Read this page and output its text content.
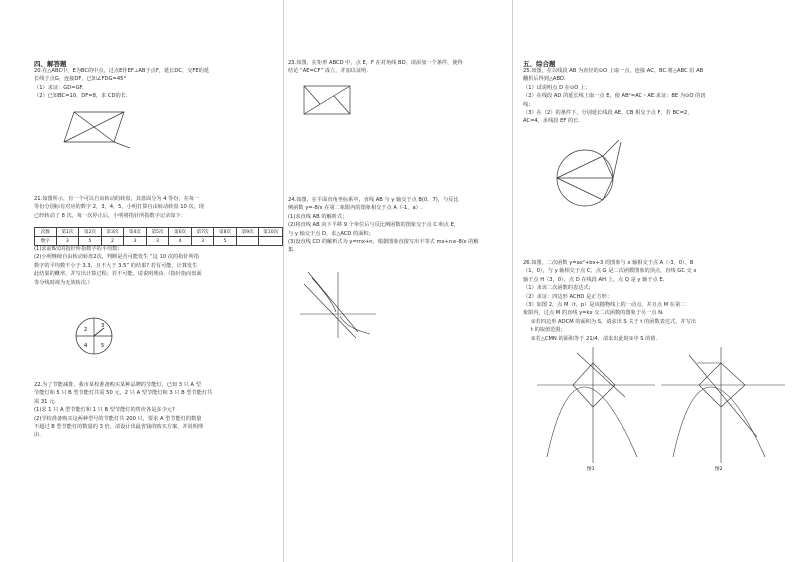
四、解答题
20.在△ABC中，E为BC的中点，过点E作EF⊥AB于点F，延长DC，交FE的延
长线于点G，连接DF，已知∠FDG=45°
（1）求证：GD=GF.
（2）已知BC=10，DF=8，求 CD的长.
21.如图所示，有一个可以自由转动的转盘，其盘面分为 4 等份，在每一
等份分别标有对应的数字 2，3，4，5，小明打算自由转动转盘 10 次，现
已经转动了 8 次，每一次停止后，小明将指针所指数字记录如下：
次数	第1次	第2次	第3次	第4次	第5次	第6次	第7次	第8次	第9次	第10次
数字	3	5	2	3	3	4	3	5		
(1)求前8次的指针所指数字的平均数；
(2)小明继续自由转动转盘2次，判断是否可能发生 “这 10 次的指针所指
数字的平均数不小于 3.3，且不大于 3.5” 的结果? 若有可能，计算发生
此结果的概率，并写出计算过程；若不可能，请说明理由.（指针指向盘面
等分线时视为无效转次.）
2
3
4	5
22.为了节能减排，我市某校准备购买某种品牌的节能灯，已知 3 只 A 型
节能灯和 5 只 B 型节能灯共需 50 元，2 只 A 型节能灯和 3 只 B 型节能灯共
需 31 元.
(1)求 1 只 A 型节能灯和 1 只 B 型节能灯的售价各是多少元?
(2)学校准备购买这两种型号的节能灯共 200 只，要求 A 型节能灯的数量
不超过 B 型节能灯的数量的 3 倍，请设计出最省钱的购买方案，并说明理
由.
23.如图，在矩形 ABCD 中，点 E，F 在对角线 BD，请添加一个条件，使得
结论 “AE=CF” 成立，并加以证明.
24.如图，在平面直角坐标系中，直线 AB 与 y 轴交于点 B(0，7)，与反比
例函数 y=-8/x 在第二象限内的图象相交于点 A（-1，a）.
(1)求直线 AB 的解析式；
(2)将直线 AB 向下平移 9 个单位后与反比例函数的图象交于点 C 和点 E，
与 y 轴交于点 D，求△ACD 的面积；
(3)设直线 CD 的解析式为 y=mx+n，根据图象直接写出不等式 mx+n≤-8/x 的解
集.
五、综合题
25.如图，在以线段 AB 为直径的⊙O 上取一点，连接 AC、BC.将△ABC 沿 AB
翻折后得到△ABD.
（1）试说明点 D 在⊙O 上；
（2）在线段 AD 的延长线上取一点 E，使 AB²=AC・AE.求证：BE 为⊙O 的切
线；
（3）在（2）的条件下，分别延长线段 AE、CB 相交于点 F，若 BC=2，
AC=4，求线段 EF 的长.
26.如图，二次函数 y=ax²+bx+3 的图象与 x 轴相交于点 A（-3，0）、B
（1，0），与 y 轴相交于点 C，点 G 是二次函数图象的顶点，直线 GC 交 x
轴于点 H（3，0），点 D 在线段 AH 上，点 Q 是 y 轴于点 E.
（1）求该二次函数的表达式；
（2）求证：四边形 ACHD 是正方形；
（3）如图 2，点 M（t，p）是该抛物线上的一动点，并且点 M 在第二
象限内，过点 M 的直线 y=kx 交二次函数的图象于另一点 N.
①若四边形 ADCM 的面积为 S，请求出 S 关于 t 的函数表达式，并写出
t 的取值范围；
②若△CMN 的面积等于 21/4，请求出此时①中 S 的值.
图1	图2
